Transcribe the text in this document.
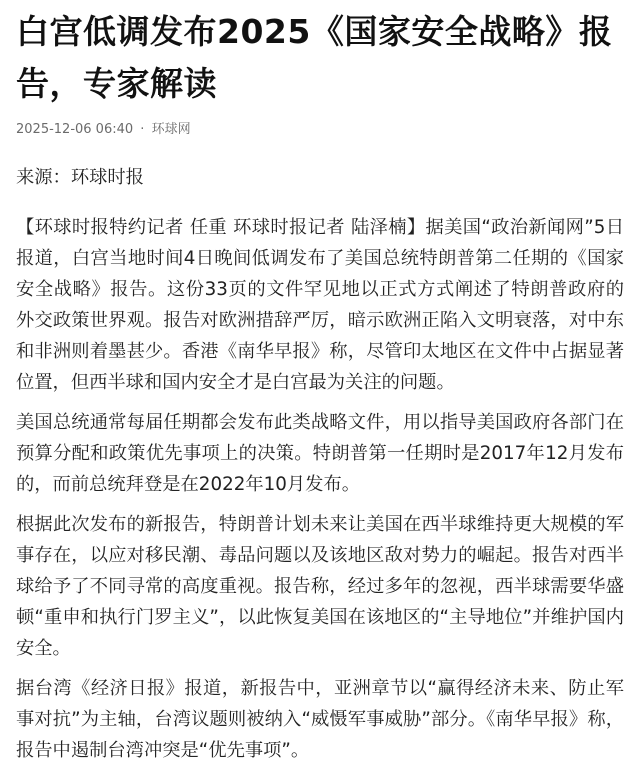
白宫低调发布2025《国家安全战略》报告，专家解读
2025-12-06 06:40 · 环球网

来源：环球时报

【环球时报特约记者 任重 环球时报记者 陆泽楠】据美国“政治新闻网”5日报道，白宫当地时间4日晚间低调发布了美国总统特朗普第二任期的《国家安全战略》报告。这份33页的文件罕见地以正式方式阐述了特朗普政府的外交政策世界观。报告对欧洲措辞严厉，暗示欧洲正陷入文明衰落，对中东和非洲则着墨甚少。香港《南华早报》称，尽管印太地区在文件中占据显著位置，但西半球和国内安全才是白宫最为关注的问题。

美国总统通常每届任期都会发布此类战略文件，用以指导美国政府各部门在预算分配和政策优先事项上的决策。特朗普第一任期时是2017年12月发布的，而前总统拜登是在2022年10月发布。

根据此次发布的新报告，特朗普计划未来让美国在西半球维持更大规模的军事存在，以应对移民潮、毒品问题以及该地区敌对势力的崛起。报告对西半球给予了不同寻常的高度重视。报告称，经过多年的忽视，西半球需要华盛顿“重申和执行门罗主义”，以此恢复美国在该地区的“主导地位”并维护国内安全。

据台湾《经济日报》报道，新报告中，亚洲章节以“赢得经济未来、防止军事对抗”为主轴，台湾议题则被纳入“威慑军事威胁”部分。《南华早报》称，报告中遏制台湾冲突是“优先事项”。
